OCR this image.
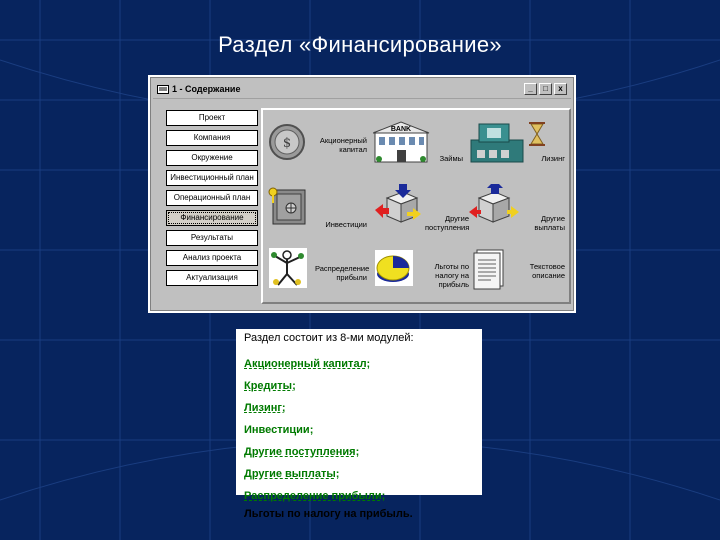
Раздел «Финансирование»
1 - Содержание	_	□	x
Проект
Компания
Окружение
Инвестиционный план
Операционный план
Финансирование
Результаты
Анализ проекта
Актуализация
$	Акционерный капитал
BANK
Займы	Лизинг
Инвестиции
Другие поступления
Другие выплаты
Распределение прибыли
Льготы по налогу на прибыль
Текстовое описание

Раздел состоит из 8-ми модулей:

Акционерный капитал;
Кредиты;
Лизинг;
Инвестиции;
Другие поступления;
Другие выплаты;
Распределение прибыли;
Льготы по налогу на прибыль.
